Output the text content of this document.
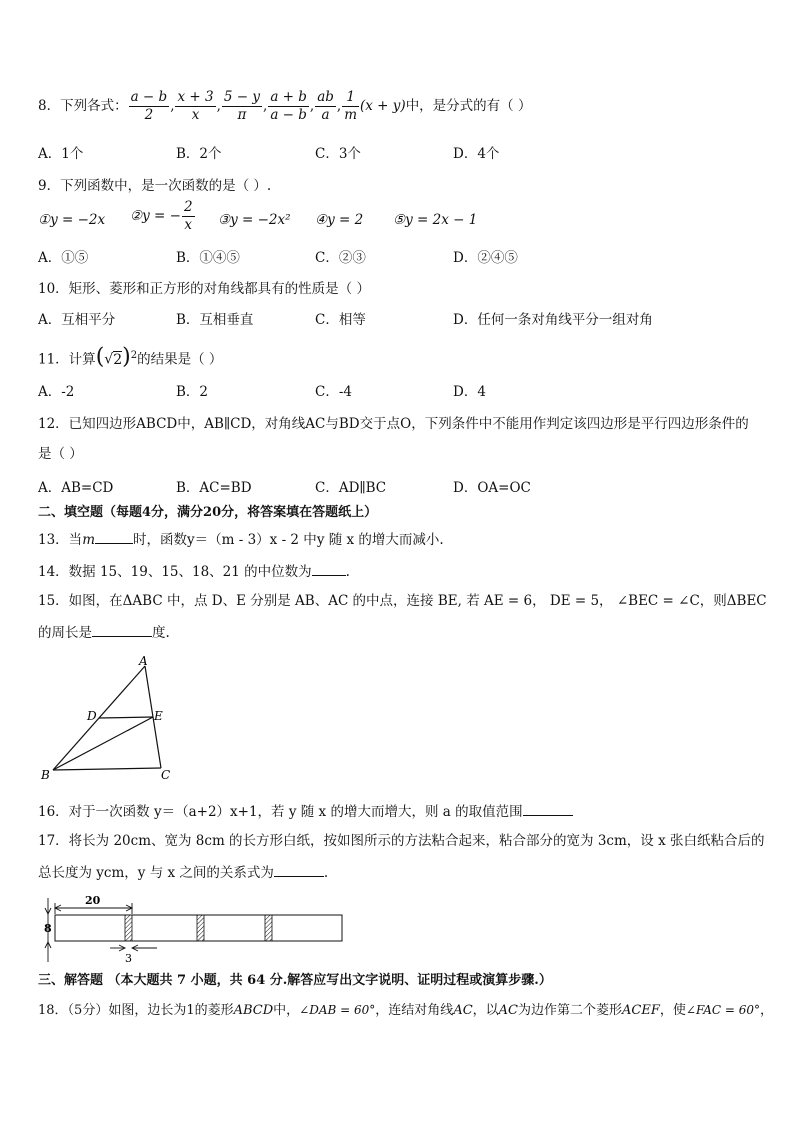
8．下列各式： $\frac{a - b}{2}$ , $\frac{x + 3}{x}$ , $\frac{5 - y}{\pi}$ , $\frac{a + b}{a - b}$ , $\frac{ab}{a}$ , $\frac{1}{m} (x + y)$中，是分式的有（ ）
A．1个	B．2个	C．3个	D．4个
9．下列函数中，是一次函数的是（ ）.
①y = −2x ②y = − $\frac{2}{x}$ ③y = −2x² ④y = 2 ⑤y = 2x − 1
A．①⑤	B．①④⑤	C．②③	D．②④⑤
10．矩形、菱形和正方形的对角线都具有的性质是（ ）
A．互相平分	B．互相垂直	C．相等	D．任何一条对角线平分一组对角
11．计算$(√2)^2$的结果是（ ）
A．-2	B．2	C．-4	D．4
12．已知四边形ABCD中，AB∥CD，对角线AC与BD交于点O，下列条件中不能用作判定该四边形是平行四边形条件的
是（ ）
A．AB=CD	B．AC=BD	C．AD∥BC	D．OA=OC
二、填空题（每题4分，满分20分，将答案填在答题纸上）
13．当m	时，函数y＝（m - 3）x - 2 中y 随 x 的增大而减小.
14．数据 15、19、15、18、21 的中位数为	.
15．如图，在ΔABC 中，点 D、E 分别是 AB、AC 的中点，连接 BE, 若 AE = 6， DE = 5， ∠BEC = ∠C，则ΔBEC
的周长是	度.
A
D	E
B	C
16．对于一次函数 y＝（a+2）x+1，若 y 随 x 的增大而增大，则 a 的取值范围
17．将长为 20cm、宽为 8cm 的长方形白纸，按如图所示的方法粘合起来，粘合部分的宽为 3cm，设 x 张白纸粘合后的
总长度为 ycm，y 与 x 之间的关系式为	.
20
8
3
三、解答题 （本大题共 7 小题，共 64 分.解答应写出文字说明、证明过程或演算步骤.）
18．（5分）如图，边长为1的菱形ABCD中，∠DAB = 60°，连结对角线AC，以AC为边作第二个菱形ACEF，使∠FAC = 60°，
